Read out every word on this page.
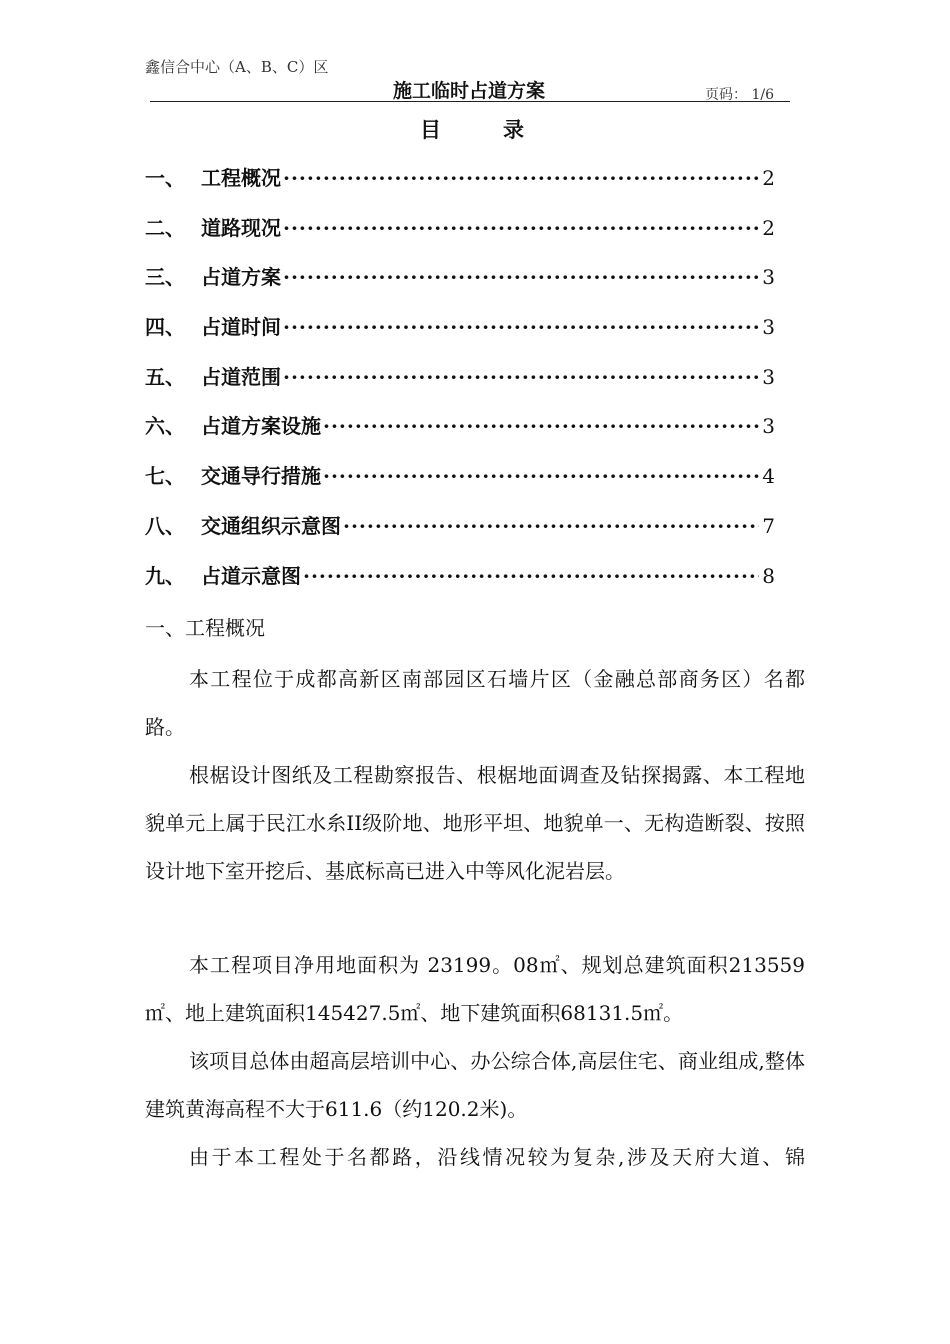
鑫信合中心（A、B、C）区
施工临时占道方案	页码： 1/6
目录
一、 工程概况 ·····	2
二、 道路现况 ·····	2
三、 占道方案 ·····	3
四、 占道时间 ·····	3
五、 占道范围 ·····	3
六、 占道方案设施 ·····	3
七、 交通导行措施 ·····	4
八、 交通组织示意图 ·····	7
九、 占道示意图 ·····	8
一、工程概况

本工程位于成都高新区南部园区石墙片区（金融总部商务区）名都路。

根椐设计图纸及工程勘察报告、根椐地面调查及钻探揭露、本工程地貌单元上属于民江水糸II级阶地、地形平坦、地貌单一、无构造断裂、按照设计地下室开挖后、基底标高已进入中等风化泥岩层。

本工程项目净用地面积为 23199。08㎡、规划总建筑面积213559㎡、地上建筑面积145427.5㎡、地下建筑面积68131.5㎡。

该项目总体由超高层培训中心、办公综合体,高层住宅、商业组成,整体建筑黄海高程不大于611.6（约120.2米)。

由于本工程处于名都路，沿线情况较为复杂,涉及天府大道、锦
